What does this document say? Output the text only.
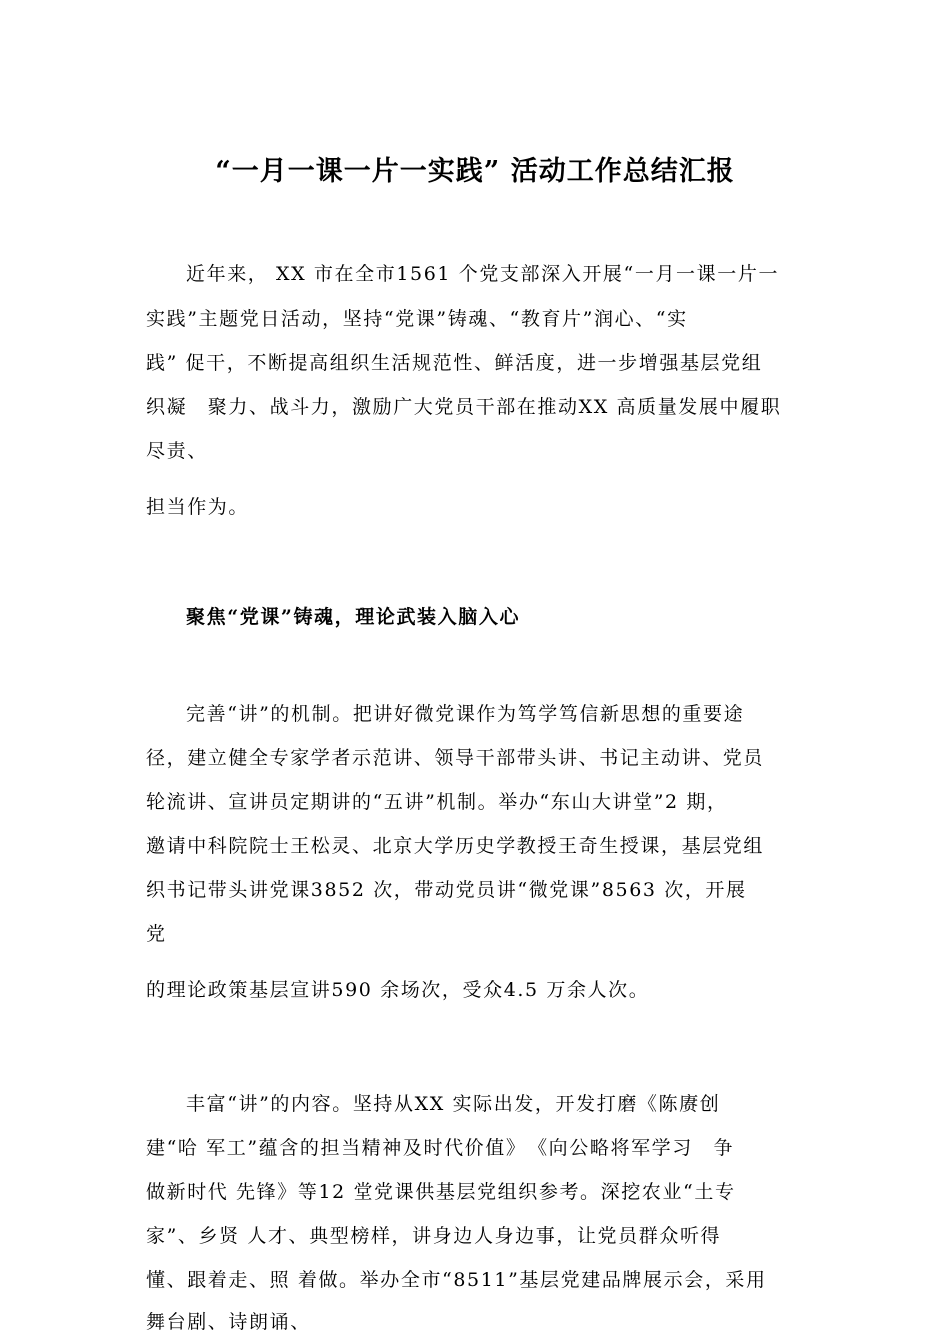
“一月一课一片一实践” 活动工作总结汇报
近年来， XX 市在全市1561 个党支部深入开展“一月一课一片一
实践”主题党日活动，坚持“党课”铸魂、“教育片”润心、“实
践” 促干，不断提高组织生活规范性、鲜活度，进一步增强基层党组
织凝　聚力、战斗力，激励广大党员干部在推动XX 高质量发展中履职
尽责、
担当作为。
聚焦“党课”铸魂，理论武装入脑入心
完善“讲”的机制。把讲好微党课作为笃学笃信新思想的重要途
径，建立健全专家学者示范讲、领导干部带头讲、书记主动讲、党员
轮流讲、宣讲员定期讲的“五讲”机制。举办“东山大讲堂”2 期，
邀请中科院院士王松灵、北京大学历史学教授王奇生授课，基层党组
织书记带头讲党课3852 次，带动党员讲“微党课”8563 次，开展
党
的理论政策基层宣讲590 余场次，受众4.5 万余人次。
丰富“讲”的内容。坚持从XX 实际出发，开发打磨《陈赓创
建“哈 军工”蕴含的担当精神及时代价值》　《向公略将军学习　争
做新时代 先锋》等12 堂党课供基层党组织参考。深挖农业“土专
家”、乡贤 人才、典型榜样，讲身边人身边事，让党员群众听得
懂、跟着走、照 着做。举办全市“8511”基层党建品牌展示会，采用
舞台剧、诗朗诵、
